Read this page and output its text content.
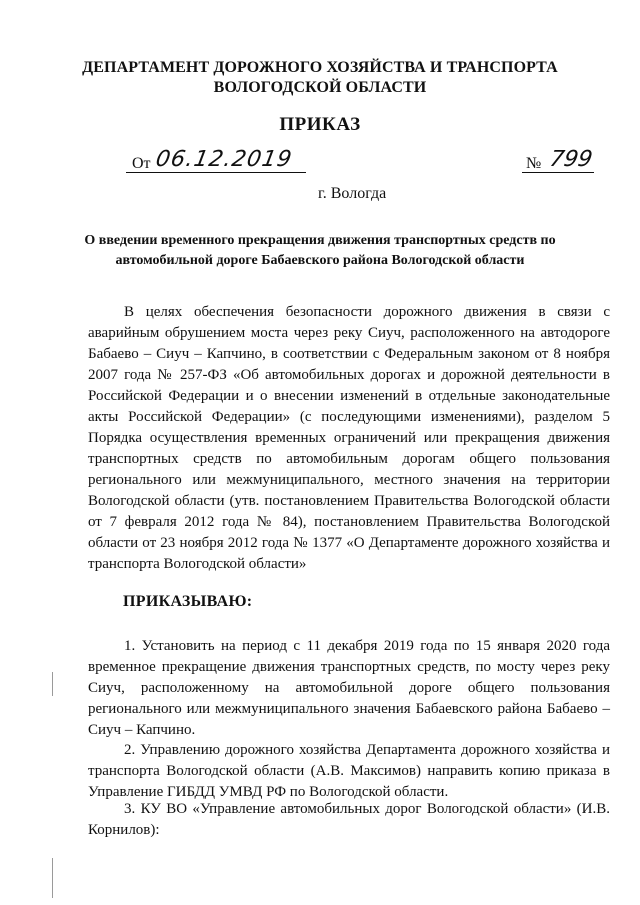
ДЕПАРТАМЕНТ ДОРОЖНОГО ХОЗЯЙСТВА И ТРАНСПОРТА
ВОЛОГОДСКОЙ ОБЛАСТИ
ПРИКАЗ
От 06.12.2019	№ 799
г. Вологда
О введении временного прекращения движения транспортных средств по
автомобильной дороге Бабаевского района Вологодской области

В целях обеспечения безопасности дорожного движения в связи с аварийным обрушением моста через реку Сиуч, расположенного на автодороге Бабаево – Сиуч – Капчино, в соответствии с Федеральным законом от 8 ноября 2007 года № 257-ФЗ «Об автомобильных дорогах и дорожной деятельности в Российской Федерации и о внесении изменений в отдельные законодательные акты Российской Федерации» (с последующими изменениями), разделом 5 Порядка осуществления временных ограничений или прекращения движения транспортных средств по автомобильным дорогам общего пользования регионального или межмуниципального, местного значения на территории Вологодской области (утв. постановлением Правительства Вологодской области от 7 февраля 2012 года № 84), постановлением Правительства Вологодской области от 23 ноября 2012 года № 1377 «О Департаменте дорожного хозяйства и транспорта Вологодской области»

ПРИКАЗЫВАЮ:

1. Установить на период с 11 декабря 2019 года по 15 января 2020 года временное прекращение движения транспортных средств, по мосту через реку Сиуч, расположенному на автомобильной дороге общего пользования регионального или межмуниципального значения Бабаевского района Бабаево – Сиуч – Капчино.

2. Управлению дорожного хозяйства Департамента дорожного хозяйства и транспорта Вологодской области (А.В. Максимов) направить копию приказа в Управление ГИБДД УМВД РФ по Вологодской области.

3. КУ ВО «Управление автомобильных дорог Вологодской области» (И.В. Корнилов):
